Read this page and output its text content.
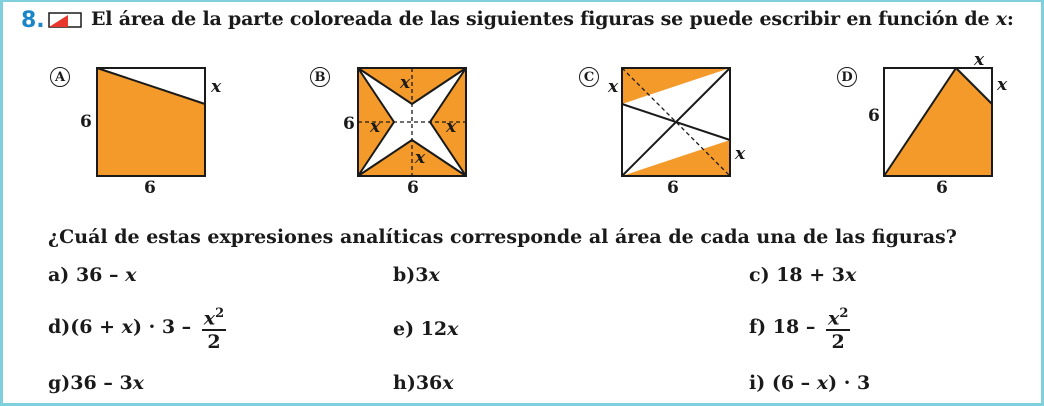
8. El área de la parte coloreada de las siguientes figuras se puede escribir en función de x:
A
6
6
x	B
6
6
x
x	x
x
C
6
x
x
D
6
6
x
x
¿Cuál de estas expresiones analíticas corresponde al área de cada una de las figuras?
a) 36 – x	b)3x	c) 18 + 3x
$d)(6 + x) \cdot 3 - \frac{x^2}{2}$	e) 12x	f) $18 - \frac{x^2}{2}$
g)36 – 3x	h)36x	i) (6 – x) · 3
